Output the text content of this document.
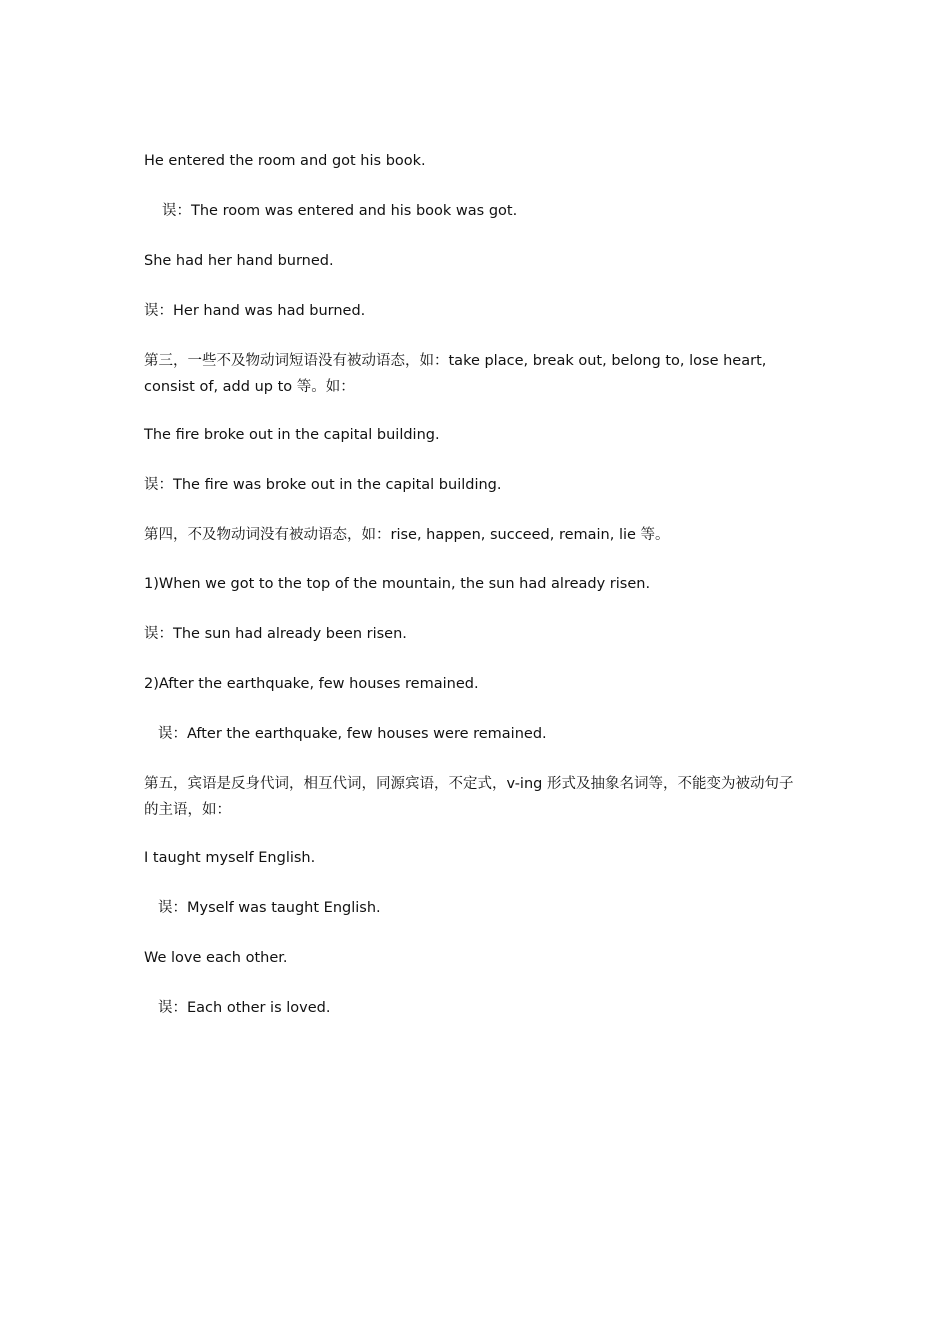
He entered the room and got his book.

误：The room was entered and his book was got.

She had her hand burned.

误：Her hand was had burned.

第三，一些不及物动词短语没有被动语态，如：take place, break out, belong to, lose heart, consist of, add up to 等。如：

The fire broke out in the capital building.

误：The fire was broke out in the capital building.

第四，不及物动词没有被动语态，如：rise, happen, succeed, remain, lie 等。

1)When we got to the top of the mountain, the sun had already risen.

误：The sun had already been risen.

2)After the earthquake, few houses remained.

误：After the earthquake, few houses were remained.

第五，宾语是反身代词，相互代词，同源宾语，不定式，v-ing 形式及抽象名词等，不能变为被动句子的主语，如：

I taught myself English.

误：Myself was taught English.

We love each other.

误：Each other is loved.
